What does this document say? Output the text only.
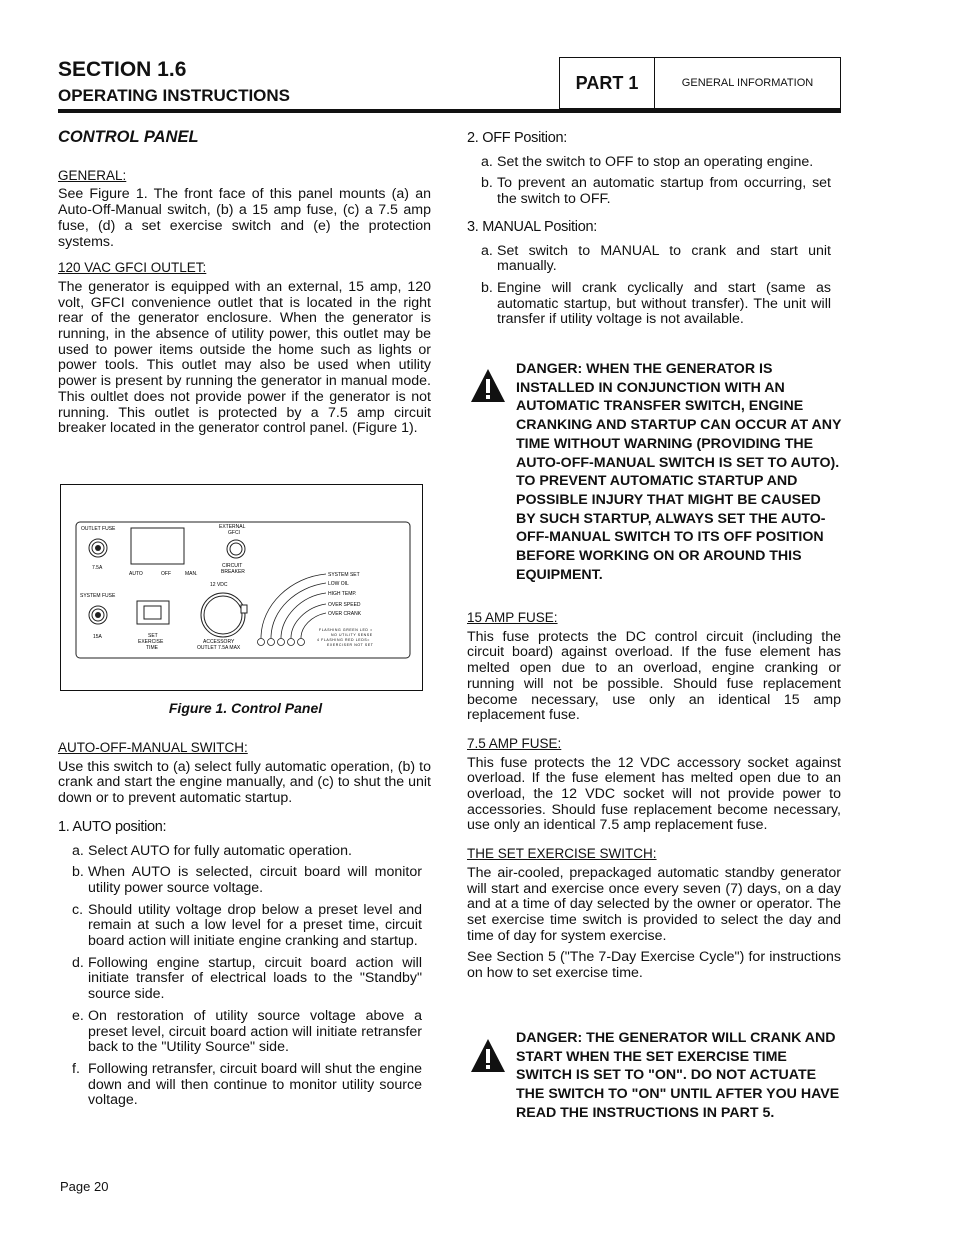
SECTION 1.6
OPERATING INSTRUCTIONS
PART 1	GENERAL INFORMATION

CONTROL PANEL

GENERAL:

See Figure 1. The front face of this panel mounts (a) an Auto-Off-Manual switch, (b) a 15 amp fuse, (c) a 7.5 amp fuse, (d) a set exercise switch and (e) the protection systems.

120 VAC GFCI OUTLET:

The generator is equipped with an external, 15 amp, 120 volt, GFCI convenience outlet that is located in the right rear of the generator enclosure. When the generator is running, in the absence of utility power, this outlet may be used to power items outside the home such as lights or power tools. This outlet may also be used when utility power is present by running the generator in manual mode. This oultlet does not provide power if the generator is not running. This outlet is protected by a 7.5 amp circuit breaker located in the generator control panel. (Figure 1).

OUTLET FUSE
7.5A
SYSTEM FUSE
15A
AUTO	OFF	MAN.
EXTERNAL
GFCI
CIRCUIT
BREAKER
SET
EXERCISE
TIME
12 VDC
ACCESSORY
OUTLET 7.5A MAX
SYSTEM SET
LOW OIL
HIGH TEMP.
OVER SPEED
OVER CRANK
FLASHING GREEN LED =
NO UTILITY SENSE
4 FLASHING RED LEDS=
EXERCISER NOT SET
Figure 1. Control Panel

AUTO-OFF-MANUAL SWITCH:

Use this switch to (a) select fully automatic operation, (b) to crank and start the engine manually, and (c) to shut the unit down or to prevent automatic startup.

1. AUTO position:

a. Select AUTO for fully automatic operation.
b. When AUTO is selected, circuit board will monitor utility power source voltage.
c. Should utility voltage drop below a preset level and remain at such a low level for a preset time, circuit board action will initiate engine cranking and startup.
d. Following engine startup, circuit board action will initiate transfer of electrical loads to the "Standby" source side.
e. On restoration of utility source voltage above a preset level, circuit board action will initiate retransfer back to the "Utility Source" side.
f. Following retransfer, circuit board will shut the engine down and will then continue to monitor utility source voltage.

2. OFF Position:

a. Set the switch to OFF to stop an operating engine.
b. To prevent an automatic startup from occurring, set the switch to OFF.

3. MANUAL Position:

a. Set switch to MANUAL to crank and start unit manually.
b. Engine will crank cyclically and start (same as automatic startup, but without transfer). The unit will transfer if utility voltage is not available.
DANGER: WHEN THE GENERATOR IS INSTALLED IN CONJUNCTION WITH AN AUTOMATIC TRANSFER SWITCH, ENGINE CRANKING AND STARTUP CAN OCCUR AT ANY TIME WITHOUT WARNING (PROVIDING THE AUTO-OFF-MANUAL SWITCH IS SET TO AUTO). TO PREVENT AUTOMATIC STARTUP AND POSSIBLE INJURY THAT MIGHT BE CAUSED BY SUCH STARTUP, ALWAYS SET THE AUTO-OFF-MANUAL SWITCH TO ITS OFF POSITION BEFORE WORKING ON OR AROUND THIS EQUIPMENT.

15 AMP FUSE:

This fuse protects the DC control circuit (including the circuit board) against overload. If the fuse element has melted open due to an overload, engine cranking or running will not be possible. Should fuse replacement become necessary, use only an identical 15 amp replacement fuse.

7.5 AMP FUSE:

This fuse protects the 12 VDC accessory socket against overload. If the fuse element has melted open due to an overload, the 12 VDC socket will not provide power to accessories. Should fuse replacement become necessary, use only an identical 7.5 amp replacement fuse.

THE SET EXERCISE SWITCH:

The air-cooled, prepackaged automatic standby generator will start and exercise once every seven (7) days, on a day and at a time of day selected by the owner or operator. The set exercise time switch is provided to select the day and time of day for system exercise.

See Section 5 ("The 7-Day Exercise Cycle") for instructions on how to set exercise time.

DANGER: THE GENERATOR WILL CRANK AND START WHEN THE SET EXERCISE TIME SWITCH IS SET TO "ON". DO NOT ACTUATE THE SWITCH TO "ON" UNTIL AFTER YOU HAVE READ THE INSTRUCTIONS IN PART 5.
Page 20
